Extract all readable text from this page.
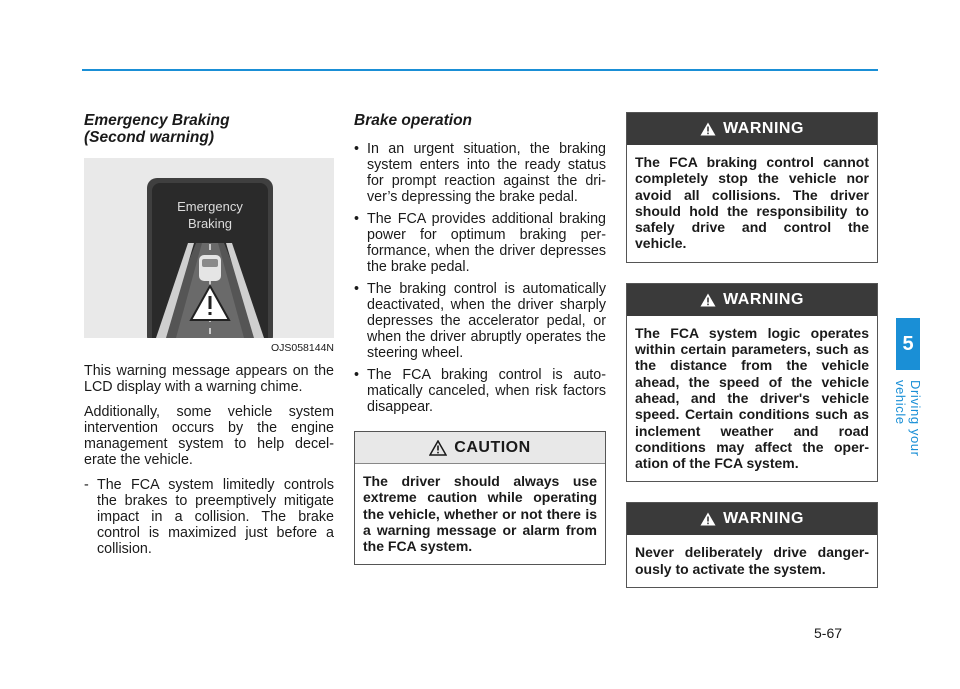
5
Driving your vehicle
5-67
Emergency Braking
(Second warning)
Emergency
Braking
OJS058144N

This warning message appears on the LCD display with a warning chime.

Additionally, some vehicle system intervention occurs by the engine management system to help decelerate the vehicle.

- The FCA system limitedly controls the brakes to preemptively mitigate impact in a collision. The brake control is maximized just before a collision.
Brake operation
• In an urgent situation, the braking system enters into the ready status for prompt reaction against the driver’s depressing the brake pedal.
• The FCA provides additional braking power for optimum braking performance, when the driver depresses the brake pedal.
• The braking control is automatically deactivated, when the driver sharply depresses the accelerator pedal, or when the driver abruptly operates the steering wheel.
• The FCA braking control is automatically canceled, when risk factors disappear.
CAUTION
The driver should always use extreme caution while operating the vehicle, whether or not there is a warning message or alarm from the FCA system.
WARNING
The FCA braking control cannot completely stop the vehicle nor avoid all collisions. The driver should hold the responsibility to safely drive and control the vehicle.
WARNING
The FCA system logic operates within certain parameters, such as the distance from the vehicle ahead, the speed of the vehicle ahead, and the driver's vehicle speed. Certain conditions such as inclement weather and road conditions may affect the operation of the FCA system.
WARNING
Never deliberately drive dangerously to activate the system.
